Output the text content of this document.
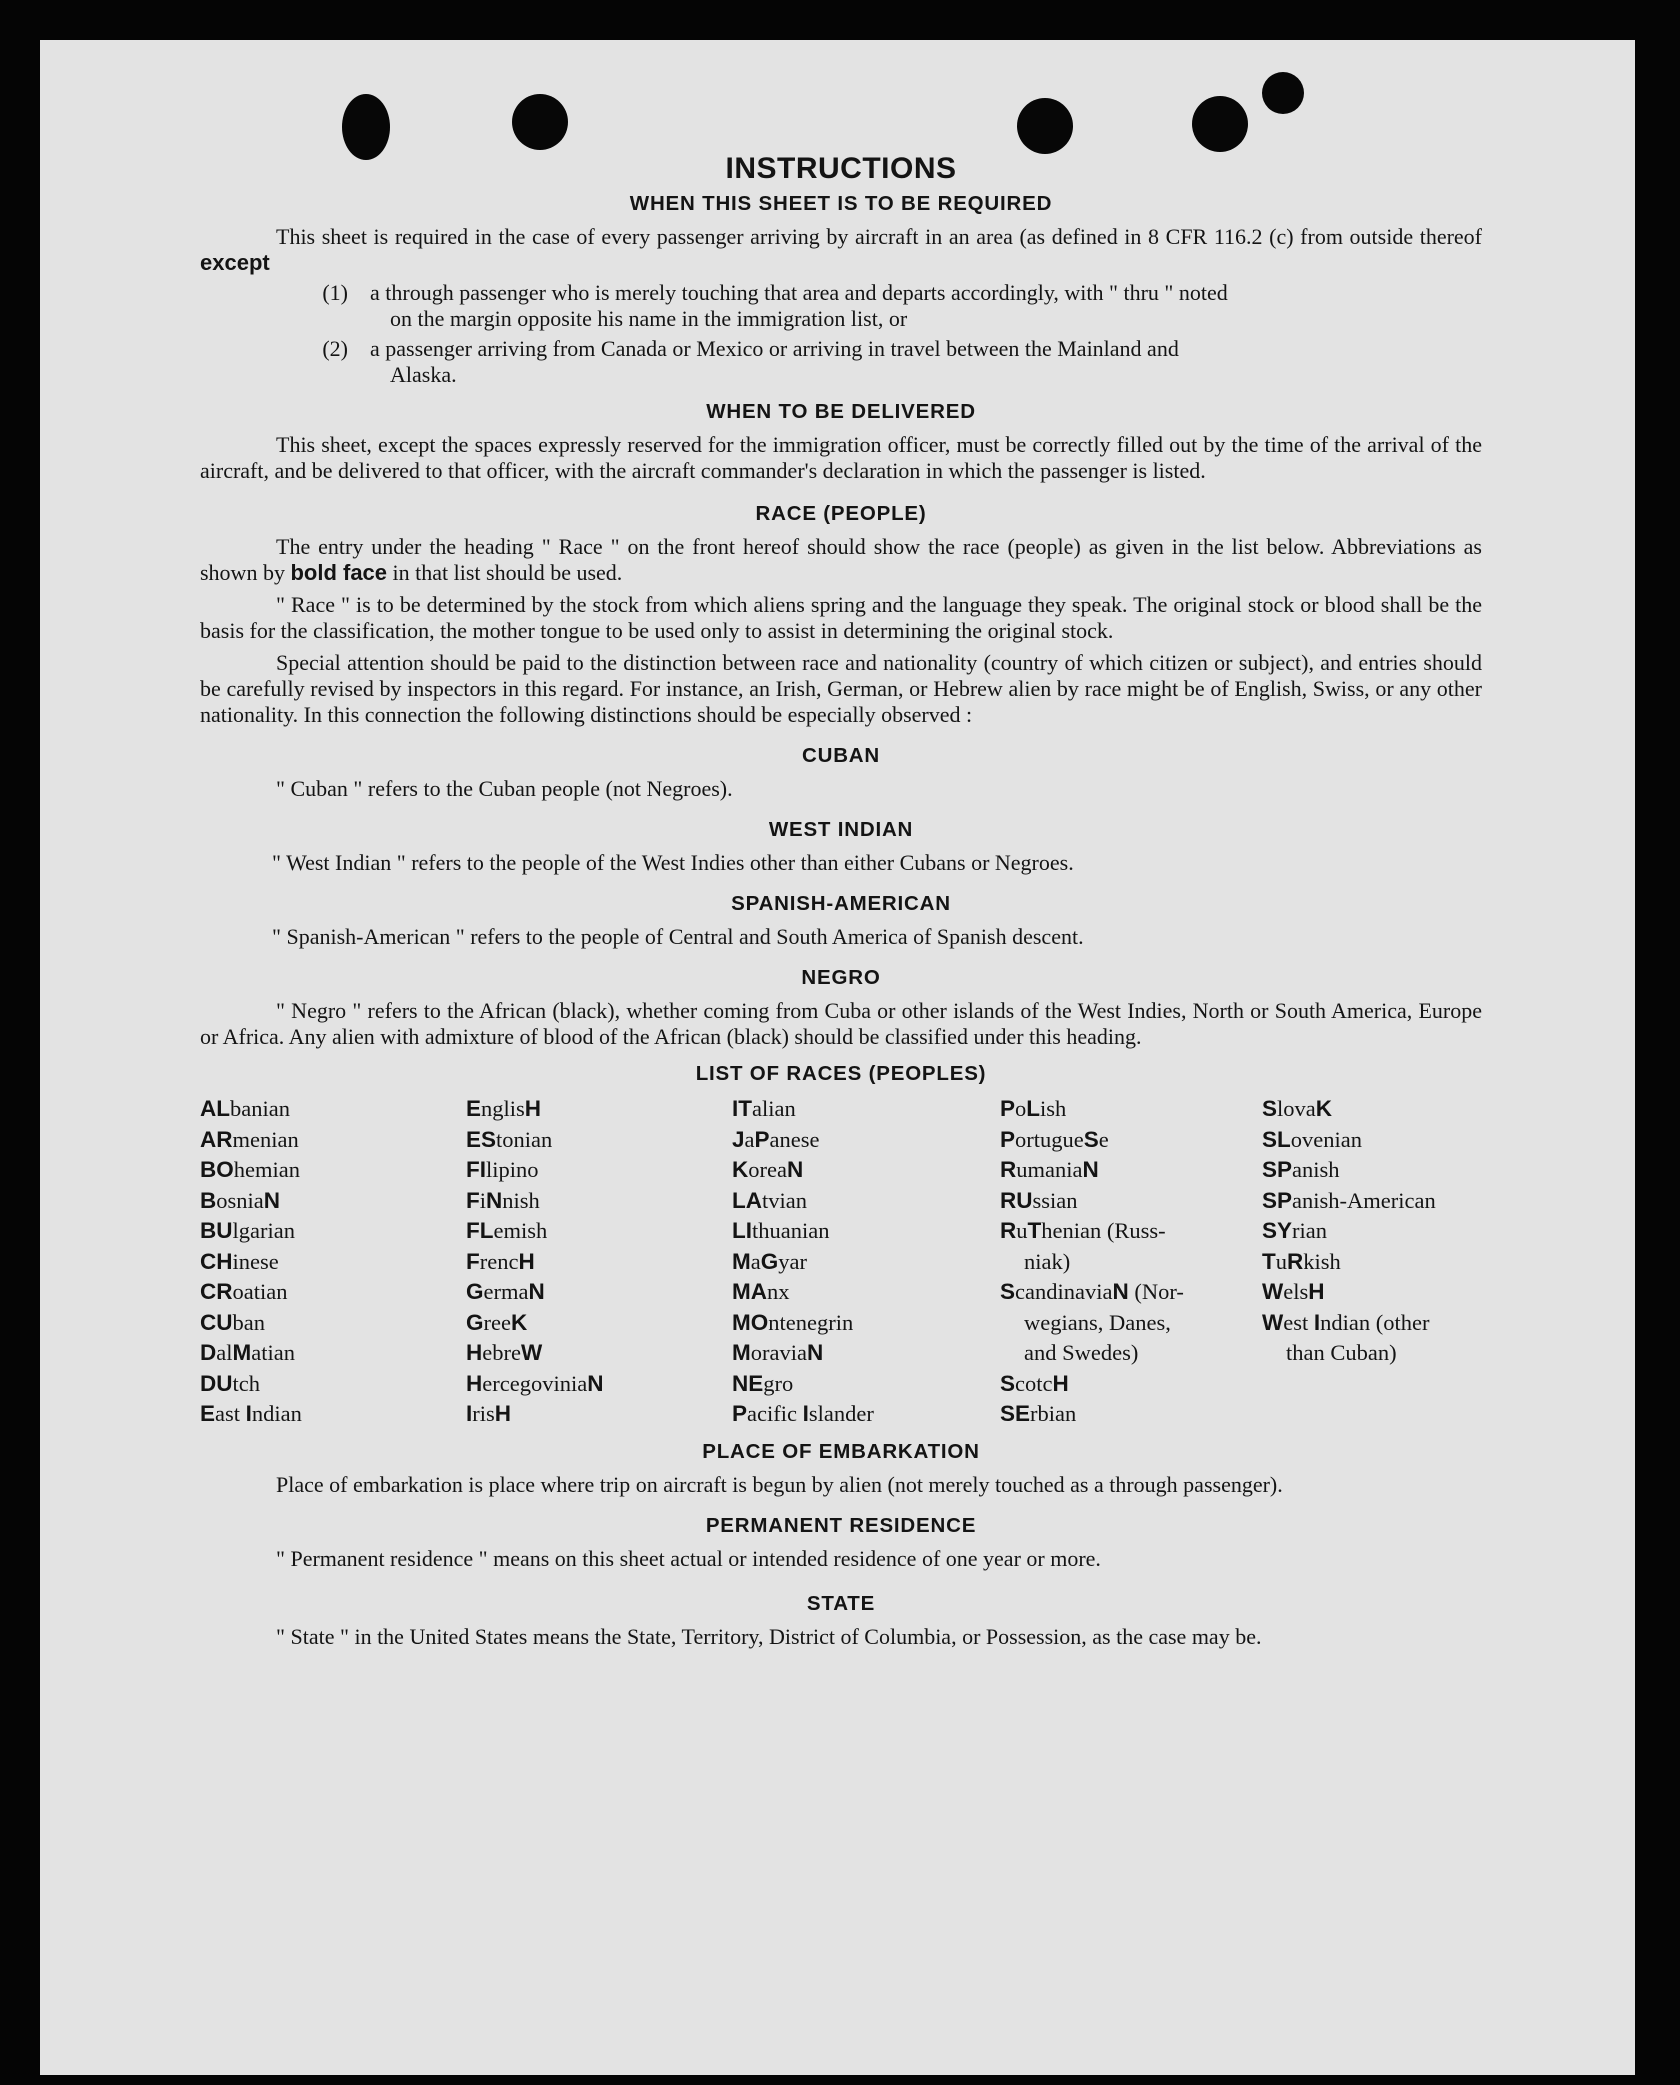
INSTRUCTIONS
WHEN THIS SHEET IS TO BE REQUIRED

This sheet is required in the case of every passenger arriving by aircraft in an area (as defined in 8 CFR 116.2 (c) from outside thereof except

(1)	a through passenger who is merely touching that area and departs accordingly, with " thru " noted
on the margin opposite his name in the immigration list, or
(2)	a passenger arriving from Canada or Mexico or arriving in travel between the Mainland and
Alaska.
WHEN TO BE DELIVERED

This sheet, except the spaces expressly reserved for the immigration officer, must be correctly filled out by the time of the arrival of the aircraft, and be delivered to that officer, with the aircraft commander's declaration in which the passenger is listed.

RACE (PEOPLE)

The entry under the heading " Race " on the front hereof should show the race (people) as given in the list below. Abbreviations as shown by bold face in that list should be used.

" Race " is to be determined by the stock from which aliens spring and the language they speak. The original stock or blood shall be the basis for the classification, the mother tongue to be used only to assist in determining the original stock.

Special attention should be paid to the distinction between race and nationality (country of which citizen or subject), and entries should be carefully revised by inspectors in this regard. For instance, an Irish, German, or Hebrew alien by race might be of English, Swiss, or any other nationality. In this connection the following distinctions should be especially observed :

CUBAN

" Cuban " refers to the Cuban people (not Negroes).

WEST INDIAN

" West Indian " refers to the people of the West Indies other than either Cubans or Negroes.

SPANISH-AMERICAN

" Spanish-American " refers to the people of Central and South America of Spanish descent.

NEGRO

" Negro " refers to the African (black), whether coming from Cuba or other islands of the West Indies, North or South America, Europe or Africa. Any alien with admixture of blood of the African (black) should be classified under this heading.

LIST OF RACES (PEOPLES)
ALbanian
ARmenian
BOhemian
BosniaN
BUlgarian
CHinese
CRoatian
CUban
DalMatian
DUtch
East Indian
EnglisH
EStonian
FIlipino
FiNnish
FLemish
FrencH
GermaN
GreeK
HebreW
HercegoviniaN
IrisH
ITalian
JaPanese
KoreaN
LAtvian
LIthuanian
MaGyar
MAnx
MOntenegrin
MoraviaN
NEgro
Pacific Islander
PoLish
PortugueSe
RumaniaN
RUssian
RuThenian (Russ-
niak)
ScandinaviaN (Nor-
wegians, Danes,
and Swedes)
ScotcH
SErbian
SlovaK
SLovenian
SPanish
SPanish-American
SYrian
TuRkish
WelsH
West Indian (other
than Cuban)
PLACE OF EMBARKATION

Place of embarkation is place where trip on aircraft is begun by alien (not merely touched as a through passenger).

PERMANENT RESIDENCE

" Permanent residence " means on this sheet actual or intended residence of one year or more.

STATE

" State " in the United States means the State, Territory, District of Columbia, or Possession, as the case may be.
